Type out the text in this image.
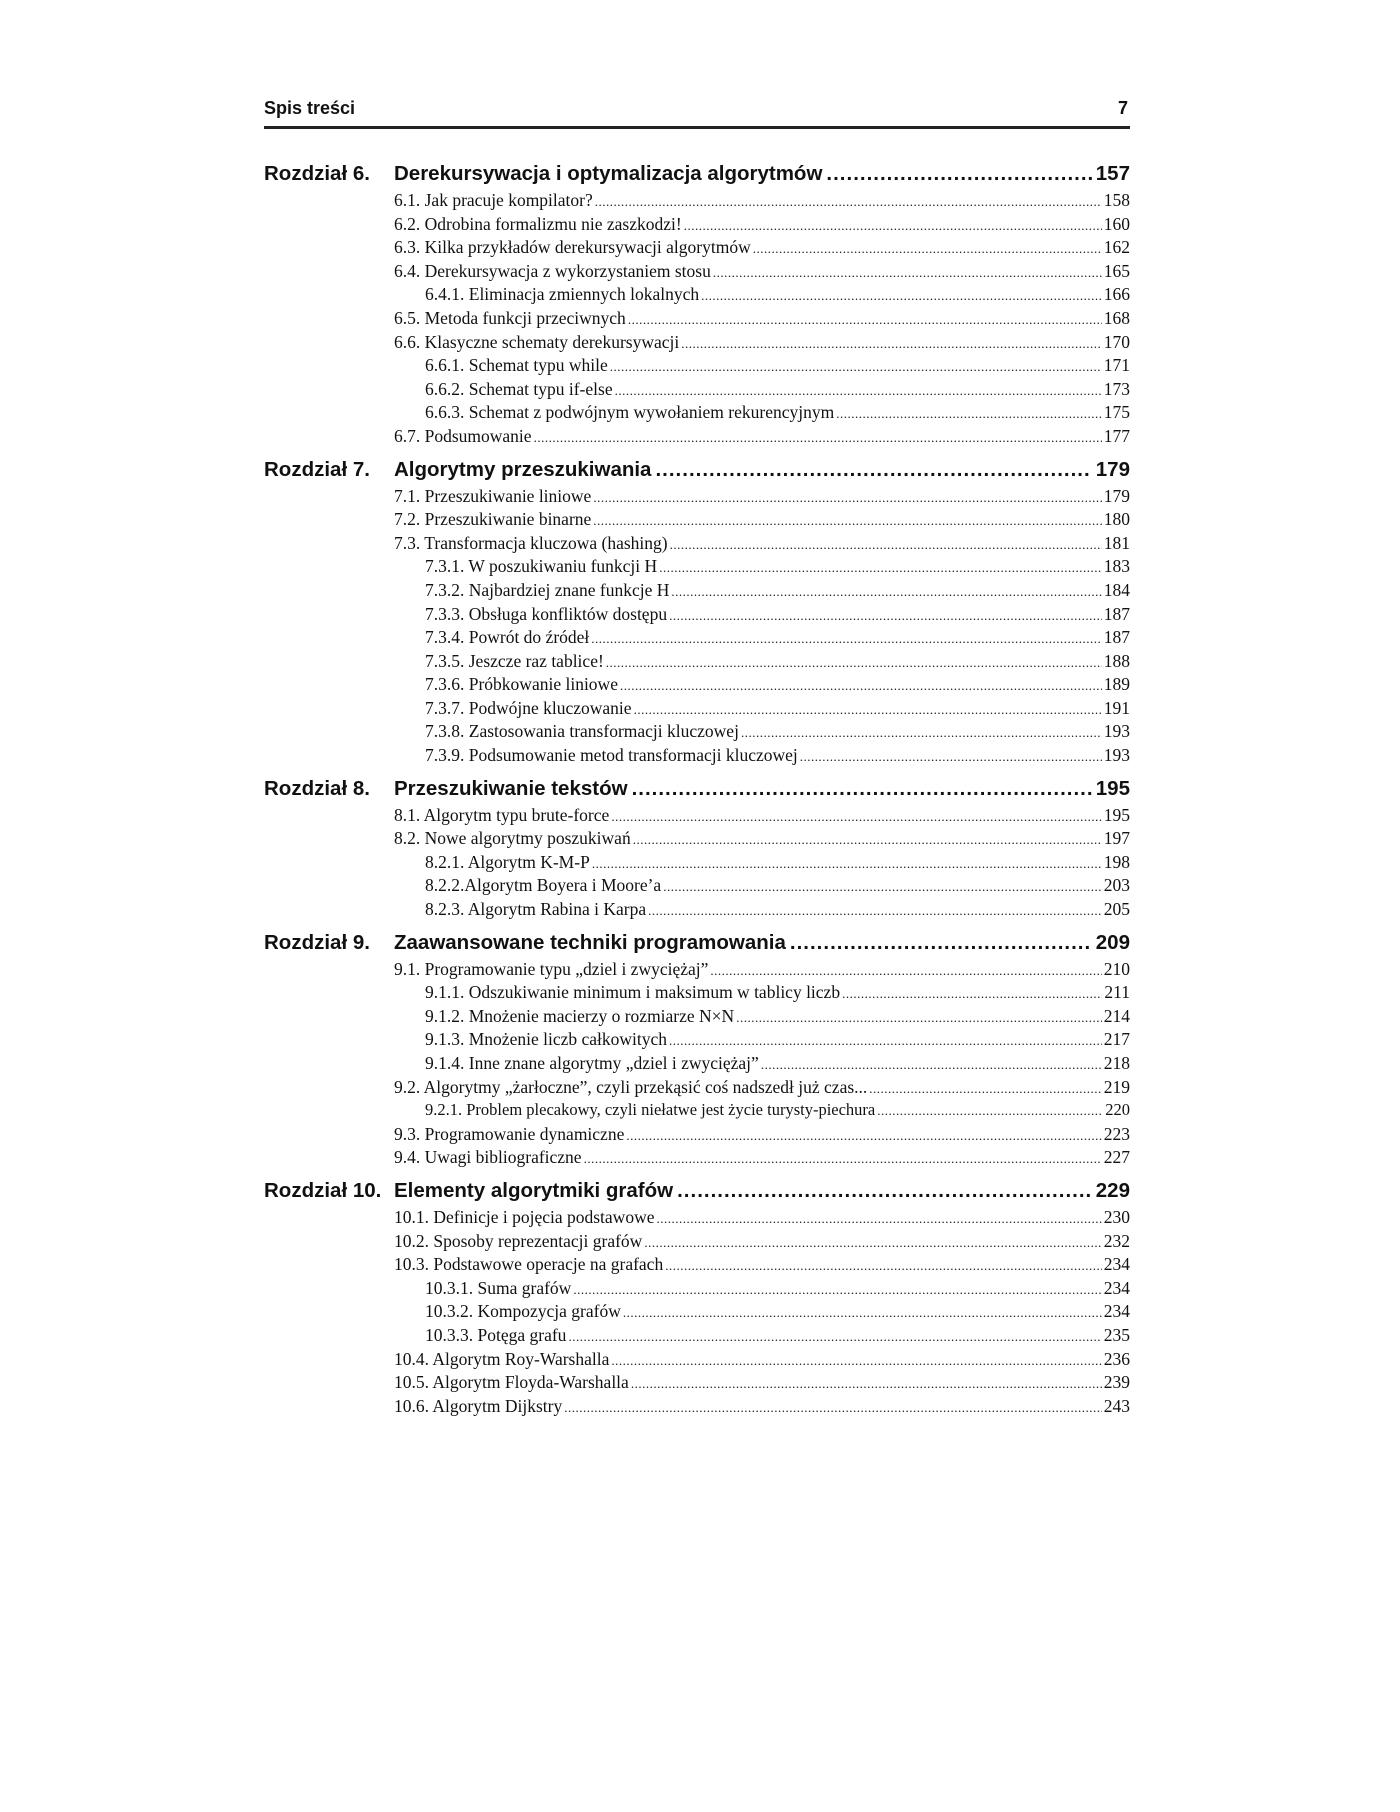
Spis treści	7
Rozdział 6. Derekursywacja i optymalizacja algorytmów .....	157
6.1. Jak pracuje kompilator? .....	158
6.2. Odrobina formalizmu nie zaszkodzi! .....	160
6.3. Kilka przykładów derekursywacji algorytmów .....	162
6.4. Derekursywacja z wykorzystaniem stosu .....	165
6.4.1. Eliminacja zmiennych lokalnych .....	166
6.5. Metoda funkcji przeciwnych .....	168
6.6. Klasyczne schematy derekursywacji .....	170
6.6.1. Schemat typu while .....	171
6.6.2. Schemat typu if-else .....	173
6.6.3. Schemat z podwójnym wywołaniem rekurencyjnym .....	175
6.7. Podsumowanie .....	177
Rozdział 7. Algorytmy przeszukiwania .....	179
7.1. Przeszukiwanie liniowe .....	179
7.2. Przeszukiwanie binarne .....	180
7.3. Transformacja kluczowa (hashing) .....	181
7.3.1. W poszukiwaniu funkcji H .....	183
7.3.2. Najbardziej znane funkcje H .....	184
7.3.3. Obsługa konfliktów dostępu .....	187
7.3.4. Powrót do źródeł .....	187
7.3.5. Jeszcze raz tablice! .....	188
7.3.6. Próbkowanie liniowe .....	189
7.3.7. Podwójne kluczowanie .....	191
7.3.8. Zastosowania transformacji kluczowej .....	193
7.3.9. Podsumowanie metod transformacji kluczowej .....	193
Rozdział 8. Przeszukiwanie tekstów .....	195
8.1. Algorytm typu brute-force .....	195
8.2. Nowe algorytmy poszukiwań .....	197
8.2.1. Algorytm K-M-P .....	198
8.2.2.Algorytm Boyera i Moore’a .....	203
8.2.3. Algorytm Rabina i Karpa .....	205
Rozdział 9. Zaawansowane techniki programowania .....	209
9.1. Programowanie typu „dziel i zwyciężaj” .....	210
9.1.1. Odszukiwanie minimum i maksimum w tablicy liczb .....	211
9.1.2. Mnożenie macierzy o rozmiarze N×N .....	214
9.1.3. Mnożenie liczb całkowitych .....	217
9.1.4. Inne znane algorytmy „dziel i zwyciężaj” .....	218
9.2. Algorytmy „żarłoczne”, czyli przekąsić coś nadszedł już czas... .....	219
9.2.1. Problem plecakowy, czyli niełatwe jest życie turysty-piechura .....	220
9.3. Programowanie dynamiczne .....	223
9.4. Uwagi bibliograficzne .....	227
Rozdział 10. Elementy algorytmiki grafów .....	229
10.1. Definicje i pojęcia podstawowe .....	230
10.2. Sposoby reprezentacji grafów .....	232
10.3. Podstawowe operacje na grafach .....	234
10.3.1. Suma grafów .....	234
10.3.2. Kompozycja grafów .....	234
10.3.3. Potęga grafu .....	235
10.4. Algorytm Roy-Warshalla .....	236
10.5. Algorytm Floyda-Warshalla .....	239
10.6. Algorytm Dijkstry .....	243
